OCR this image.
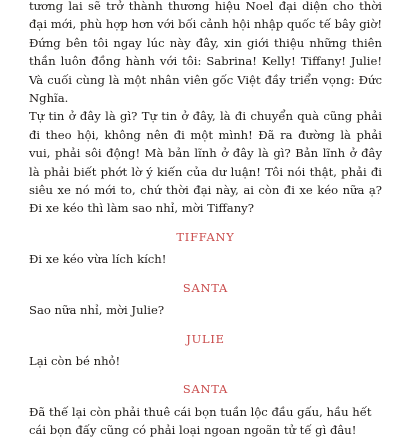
tương lai sẽ trở thành thương hiệu Noel đại diện cho thời đại mới, phù hợp hơn với bối cảnh hội nhập quốc tế bây giờ! Đứng bên tôi ngay lúc này đây, xin giới thiệu những thiên thần luôn đồng hành với tôi: Sabrina! Kelly! Tiffany! Julie! Và cuối cùng là một nhân viên gốc Việt đầy triển vọng: Đức Nghĩa.

Tự tin ở đây là gì? Tự tin ở đây, là đi chuyển quà cũng phải đi theo hội, không nên đi một mình! Đã ra đường là phải vui, phải sôi động! Mà bản lĩnh ở đây là gì? Bản lĩnh ở đây là phải biết phớt lờ ý kiến của dư luận! Tôi nói thật, phải đi siêu xe nó mới to, chứ thời đại này, ai còn đi xe kéo nữa ạ? Đi xe kéo thì làm sao nhỉ, mời Tiffany?

TIFFANY

Đi xe kéo vừa lích kích!

SANTA

Sao nữa nhỉ, mời Julie?

JULIE

Lại còn bé nhỏ!

SANTA

Đã thế lại còn phải thuê cái bọn tuần lộc đầu gấu, hầu hết cái bọn đấy cũng có phải loại ngoan ngoãn tử tế gì đâu!
